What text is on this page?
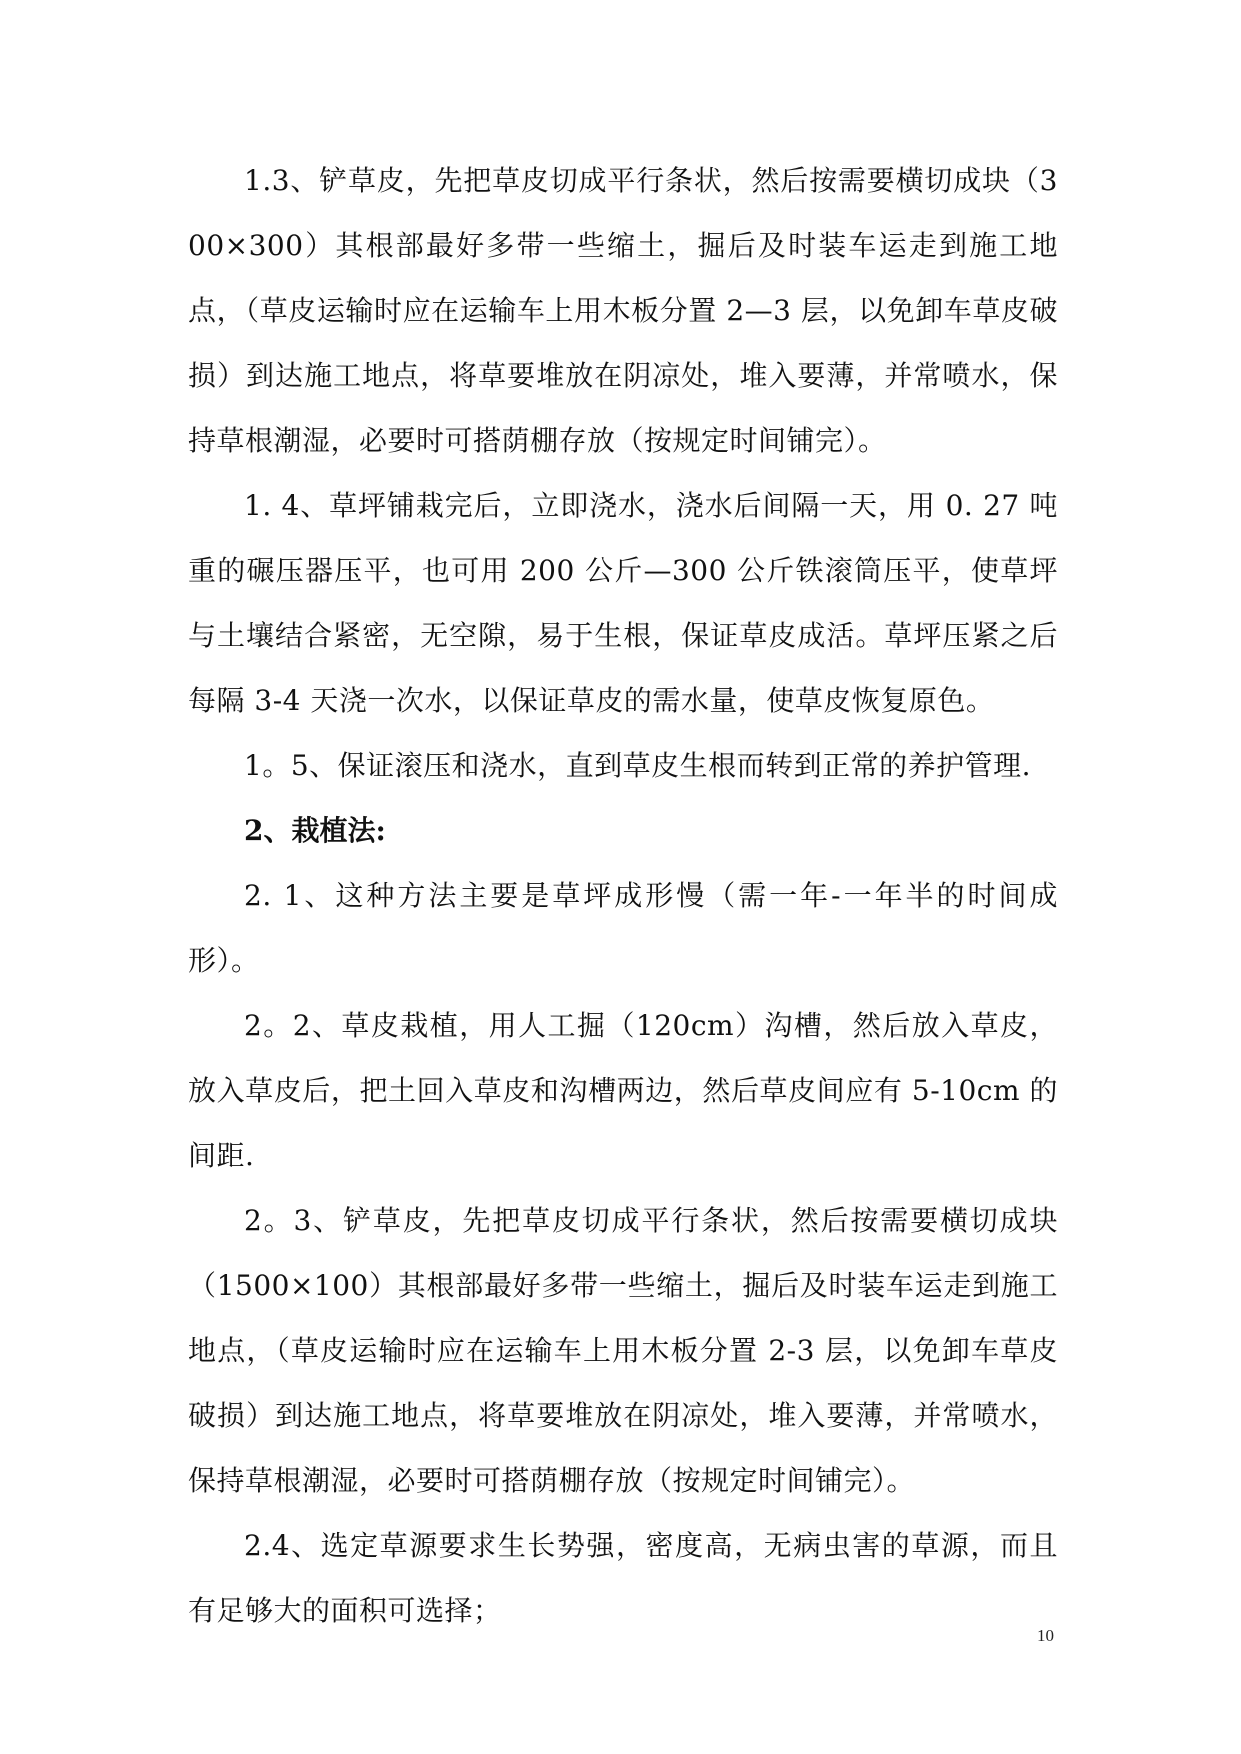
1.3、铲草皮，先把草皮切成平行条状，然后按需要横切成块（300×300）其根部最好多带一些缩土，掘后及时装车运走到施工地点，（草皮运输时应在运输车上用木板分置 2—3 层，以免卸车草皮破损）到达施工地点，将草要堆放在阴凉处，堆入要薄，并常喷水，保持草根潮湿，必要时可搭荫棚存放（按规定时间铺完）。

1. 4、草坪铺栽完后，立即浇水，浇水后间隔一天，用 0. 27 吨重的碾压器压平，也可用 200 公斤—300 公斤铁滚筒压平，使草坪与土壤结合紧密，无空隙，易于生根，保证草皮成活。草坪压紧之后每隔 3-4 天浇一次水，以保证草皮的需水量，使草皮恢复原色。

1。5、保证滚压和浇水，直到草皮生根而转到正常的养护管理.

2、栽植法:

2. 1、这种方法主要是草坪成形慢（需一年-一年半的时间成形）。

2。2、草皮栽植，用人工掘（120cm）沟槽，然后放入草皮，放入草皮后，把土回入草皮和沟槽两边，然后草皮间应有 5-10cm 的间距.

2。3、铲草皮，先把草皮切成平行条状，然后按需要横切成块（1500×100）其根部最好多带一些缩土，掘后及时装车运走到施工地点，（草皮运输时应在运输车上用木板分置 2-3 层，以免卸车草皮破损）到达施工地点，将草要堆放在阴凉处，堆入要薄，并常喷水，保持草根潮湿，必要时可搭荫棚存放（按规定时间铺完）。

2.4、选定草源要求生长势强，密度高，无病虫害的草源，而且有足够大的面积可选择；

10
